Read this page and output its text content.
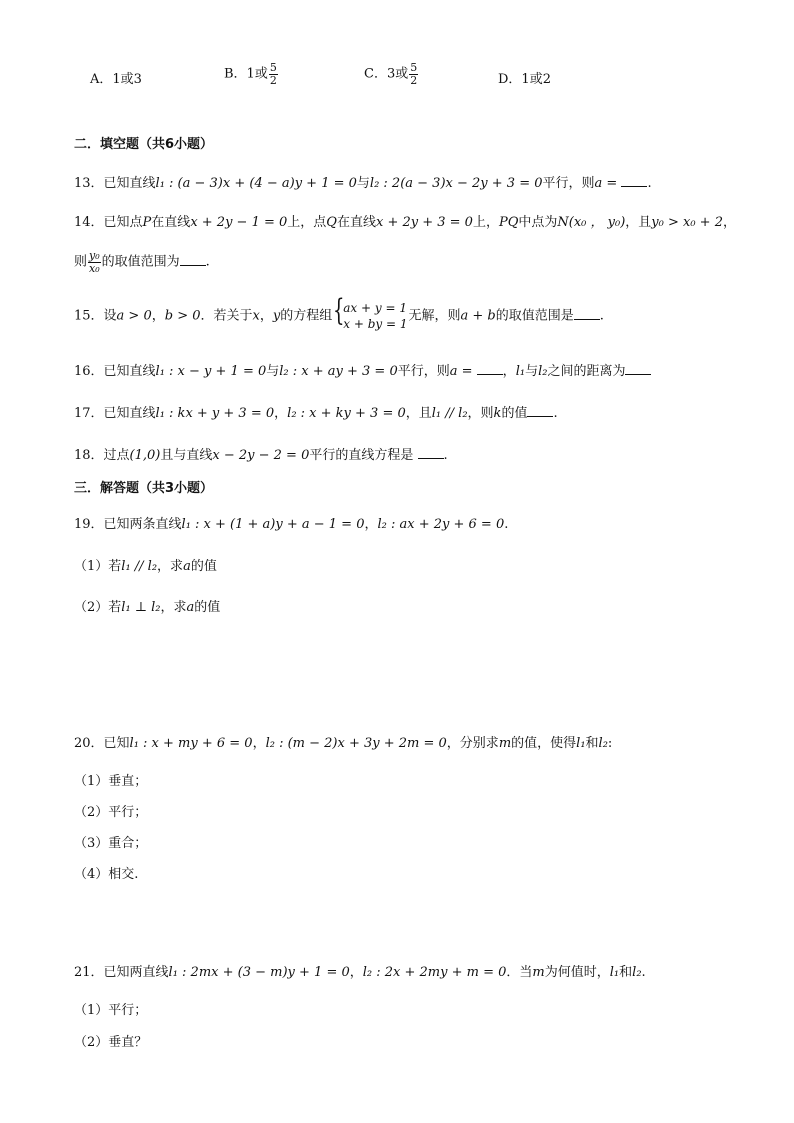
A．1或3	B．1或 $\frac{5}{2}$	C．3或 $\frac{5}{2}$	D．1或2
二．填空题（共6小题）
13．已知直线l₁ : (a − 3)x + (4 − a)y + 1 = 0与l₂ : 2(a − 3)x − 2y + 3 = 0平行，则a = .
14．已知点P在直线x + 2y − 1 = 0上，点Q在直线x + 2y + 3 = 0上，PQ中点为N(x₀ ， y₀)，且y₀ > x₀ + 2，
则 $\frac{\text{y₀}}{\text{x₀}}$ 的取值范围为 .
15．设a > 0，b > 0．若关于x，y的方程组 {
ax + y = 1
x + by = 1
无解，则a + b的取值范围是 .
16．已知直线l₁ : x − y + 1 = 0与l₂ : x + ay + 3 = 0平行，则a = ，l₁与l₂之间的距离为
17．已知直线l₁ : kx + y + 3 = 0，l₂ : x + ky + 3 = 0，且l₁ // l₂，则k的值 .
18．过点(1,0)且与直线x − 2y − 2 = 0平行的直线方程是 .
三．解答题（共3小题）
19．已知两条直线l₁ : x + (1 + a)y + a − 1 = 0，l₂ : ax + 2y + 6 = 0.
（1）若l₁ // l₂，求a的值
（2）若l₁ ⊥ l₂，求a的值
20．已知l₁ : x + my + 6 = 0，l₂ : (m − 2)x + 3y + 2m = 0，分别求m的值，使得l₁和l₂:
（1）垂直；
（2）平行；
（3）重合；
（4）相交.
21．已知两直线l₁ : 2mx + (3 − m)y + 1 = 0，l₂ : 2x + 2my + m = 0．当m为何值时，l₁和l₂.
（1）平行；
（2）垂直？
